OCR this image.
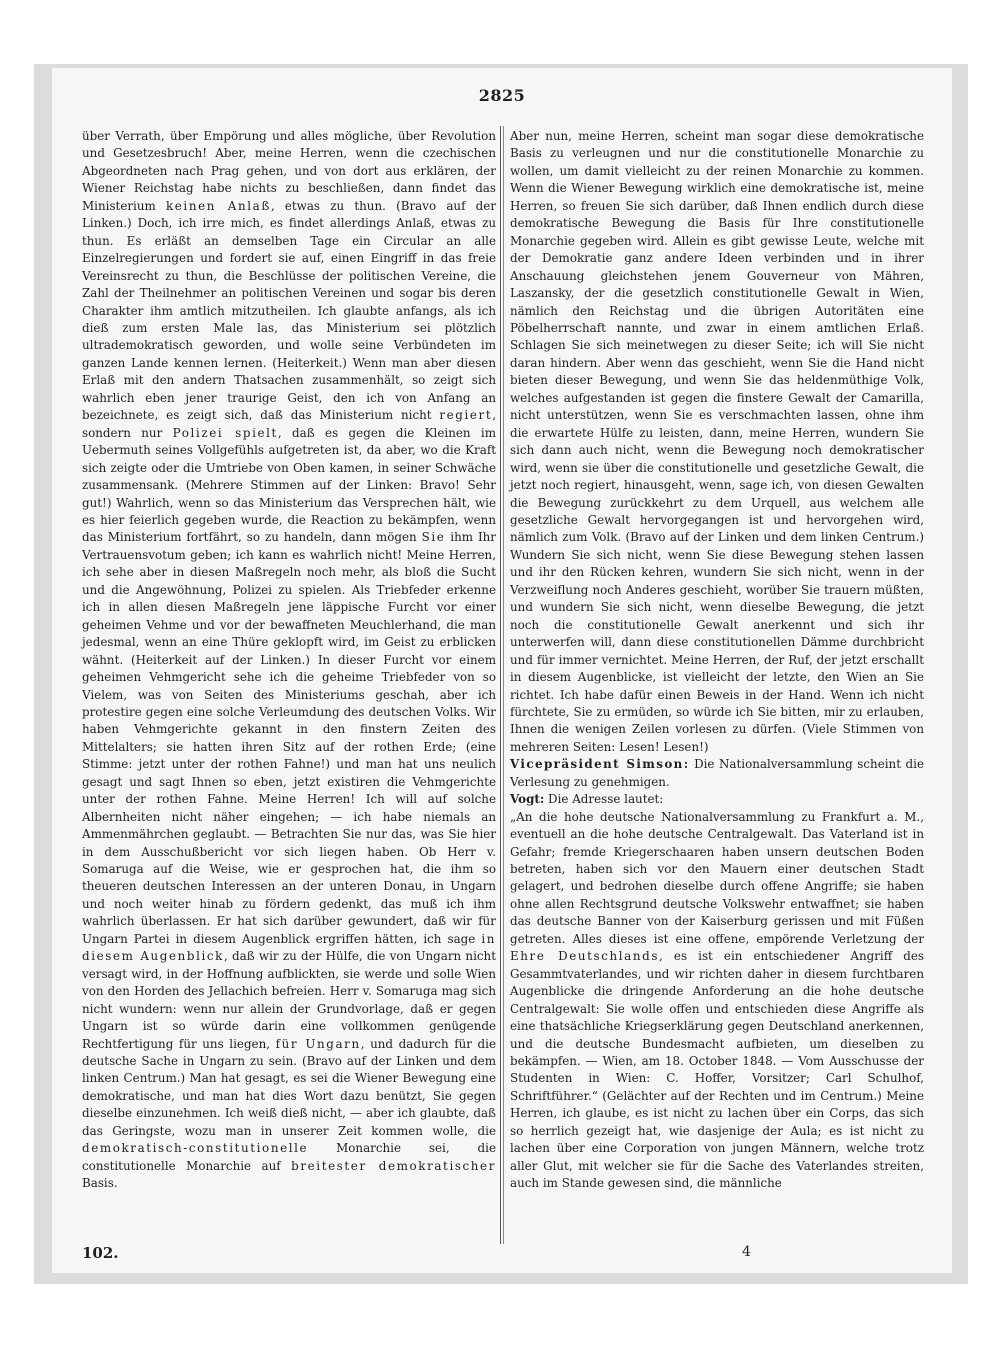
2825

über Verrath, über Empörung und alles mögliche, über Revolution und Gesetzesbruch! Aber, meine Herren, wenn die czechischen Abgeordneten nach Prag gehen, und von dort aus erklären, der Wiener Reichstag habe nichts zu beschließen, dann findet das Ministerium keinen Anlaß, etwas zu thun. (Bravo auf der Linken.) Doch, ich irre mich, es findet allerdings Anlaß, etwas zu thun. Es erläßt an demselben Tage ein Circular an alle Einzelregierungen und fordert sie auf, einen Eingriff in das freie Vereinsrecht zu thun, die Beschlüsse der politischen Vereine, die Zahl der Theilnehmer an politischen Vereinen und sogar bis deren Charakter ihm amtlich mitzutheilen. Ich glaubte anfangs, als ich dieß zum ersten Male las, das Ministerium sei plötzlich ultrademokratisch geworden, und wolle seine Verbündeten im ganzen Lande kennen lernen. (Heiterkeit.) Wenn man aber diesen Erlaß mit den andern Thatsachen zusammenhält, so zeigt sich wahrlich eben jener traurige Geist, den ich von Anfang an bezeichnete, es zeigt sich, daß das Ministerium nicht regiert, sondern nur Polizei spielt, daß es gegen die Kleinen im Uebermuth seines Vollgefühls aufgetreten ist, da aber, wo die Kraft sich zeigte oder die Umtriebe von Oben kamen, in seiner Schwäche zusammensank. (Mehrere Stimmen auf der Linken: Bravo! Sehr gut!) Wahrlich, wenn so das Ministerium das Versprechen hält, wie es hier feierlich gegeben wurde, die Reaction zu bekämpfen, wenn das Ministerium fortfährt, so zu handeln, dann mögen Sie ihm Ihr Vertrauensvotum geben; ich kann es wahrlich nicht! Meine Herren, ich sehe aber in diesen Maßregeln noch mehr, als bloß die Sucht und die Angewöhnung, Polizei zu spielen. Als Triebfeder erkenne ich in allen diesen Maßregeln jene läppische Furcht vor einer geheimen Vehme und vor der bewaffneten Meuchlerhand, die man jedesmal, wenn an eine Thüre geklopft wird, im Geist zu erblicken wähnt. (Heiterkeit auf der Linken.) In dieser Furcht vor einem geheimen Vehmgericht sehe ich die geheime Triebfeder von so Vielem, was von Seiten des Ministeriums geschah, aber ich protestire gegen eine solche Verleumdung des deutschen Volks. Wir haben Vehmgerichte gekannt in den finstern Zeiten des Mittelalters; sie hatten ihren Sitz auf der rothen Erde; (eine Stimme: jetzt unter der rothen Fahne!) und man hat uns neulich gesagt und sagt Ihnen so eben, jetzt existiren die Vehmgerichte unter der rothen Fahne. Meine Herren! Ich will auf solche Albernheiten nicht näher eingehen; — ich habe niemals an Ammenmährchen geglaubt. — Betrachten Sie nur das, was Sie hier in dem Ausschußbericht vor sich liegen haben. Ob Herr v. Somaruga auf die Weise, wie er gesprochen hat, die ihm so theueren deutschen Interessen an der unteren Donau, in Ungarn und noch weiter hinab zu fördern gedenkt, das muß ich ihm wahrlich überlassen. Er hat sich darüber gewundert, daß wir für Ungarn Partei in diesem Augenblick ergriffen hätten, ich sage in diesem Augenblick, daß wir zu der Hülfe, die von Ungarn nicht versagt wird, in der Hoffnung aufblickten, sie werde und solle Wien von den Horden des Jellachich befreien. Herr v. Somaruga mag sich nicht wundern: wenn nur allein der Grundvorlage, daß er gegen Ungarn ist so würde darin eine vollkommen genügende Rechtfertigung für uns liegen, für Ungarn, und dadurch für die deutsche Sache in Ungarn zu sein. (Bravo auf der Linken und dem linken Centrum.) Man hat gesagt, es sei die Wiener Bewegung eine demokratische, und man hat dies Wort dazu benützt, Sie gegen dieselbe einzunehmen. Ich weiß dieß nicht, — aber ich glaubte, daß das Geringste, wozu man in unserer Zeit kommen wolle, die demokratisch-constitutionelle Monarchie sei, die constitutionelle Monarchie auf breitester demokratischer Basis.

Aber nun, meine Herren, scheint man sogar diese demokratische Basis zu verleugnen und nur die constitutionelle Monarchie zu wollen, um damit vielleicht zu der reinen Monarchie zu kommen. Wenn die Wiener Bewegung wirklich eine demokratische ist, meine Herren, so freuen Sie sich darüber, daß Ihnen endlich durch diese demokratische Bewegung die Basis für Ihre constitutionelle Monarchie gegeben wird. Allein es gibt gewisse Leute, welche mit der Demokratie ganz andere Ideen verbinden und in ihrer Anschauung gleichstehen jenem Gouverneur von Mähren, Laszansky, der die gesetzlich constitutionelle Gewalt in Wien, nämlich den Reichstag und die übrigen Autoritäten eine Pöbelherrschaft nannte, und zwar in einem amtlichen Erlaß. Schlagen Sie sich meinetwegen zu dieser Seite; ich will Sie nicht daran hindern. Aber wenn das geschieht, wenn Sie die Hand nicht bieten dieser Bewegung, und wenn Sie das heldenmüthige Volk, welches aufgestanden ist gegen die finstere Gewalt der Camarilla, nicht unterstützen, wenn Sie es verschmachten lassen, ohne ihm die erwartete Hülfe zu leisten, dann, meine Herren, wundern Sie sich dann auch nicht, wenn die Bewegung noch demokratischer wird, wenn sie über die constitutionelle und gesetzliche Gewalt, die jetzt noch regiert, hinausgeht, wenn, sage ich, von diesen Gewalten die Bewegung zurückkehrt zu dem Urquell, aus welchem alle gesetzliche Gewalt hervorgegangen ist und hervorgehen wird, nämlich zum Volk. (Bravo auf der Linken und dem linken Centrum.) Wundern Sie sich nicht, wenn Sie diese Bewegung stehen lassen und ihr den Rücken kehren, wundern Sie sich nicht, wenn in der Verzweiflung noch Anderes geschieht, worüber Sie trauern müßten, und wundern Sie sich nicht, wenn dieselbe Bewegung, die jetzt noch die constitutionelle Gewalt anerkennt und sich ihr unterwerfen will, dann diese constitutionellen Dämme durchbricht und für immer vernichtet. Meine Herren, der Ruf, der jetzt erschallt in diesem Augenblicke, ist vielleicht der letzte, den Wien an Sie richtet. Ich habe dafür einen Beweis in der Hand. Wenn ich nicht fürchtete, Sie zu ermüden, so würde ich Sie bitten, mir zu erlauben, Ihnen die wenigen Zeilen vorlesen zu dürfen. (Viele Stimmen von mehreren Seiten: Lesen! Lesen!)

Vicepräsident Simson: Die Nationalversammlung scheint die Verlesung zu genehmigen.

Vogt: Die Adresse lautet:

„An die hohe deutsche Nationalversammlung zu Frankfurt a. M., eventuell an die hohe deutsche Centralgewalt. Das Vaterland ist in Gefahr; fremde Kriegerschaaren haben unsern deutschen Boden betreten, haben sich vor den Mauern einer deutschen Stadt gelagert, und bedrohen dieselbe durch offene Angriffe; sie haben ohne allen Rechtsgrund deutsche Volkswehr entwaffnet; sie haben das deutsche Banner von der Kaiserburg gerissen und mit Füßen getreten. Alles dieses ist eine offene, empörende Verletzung der Ehre Deutschlands, es ist ein entschiedener Angriff des Gesammtvaterlandes, und wir richten daher in diesem furchtbaren Augenblicke die dringende Anforderung an die hohe deutsche Centralgewalt: Sie wolle offen und entschieden diese Angriffe als eine thatsächliche Kriegserklärung gegen Deutschland anerkennen, und die deutsche Bundesmacht aufbieten, um dieselben zu bekämpfen. — Wien, am 18. October 1848. — Vom Ausschusse der Studenten in Wien: C. Hoffer, Vorsitzer; Carl Schulhof, Schriftführer.“ (Gelächter auf der Rechten und im Centrum.) Meine Herren, ich glaube, es ist nicht zu lachen über ein Corps, das sich so herrlich gezeigt hat, wie dasjenige der Aula; es ist nicht zu lachen über eine Corporation von jungen Männern, welche trotz aller Glut, mit welcher sie für die Sache des Vaterlandes streiten, auch im Stande gewesen sind, die männliche

102.	4
